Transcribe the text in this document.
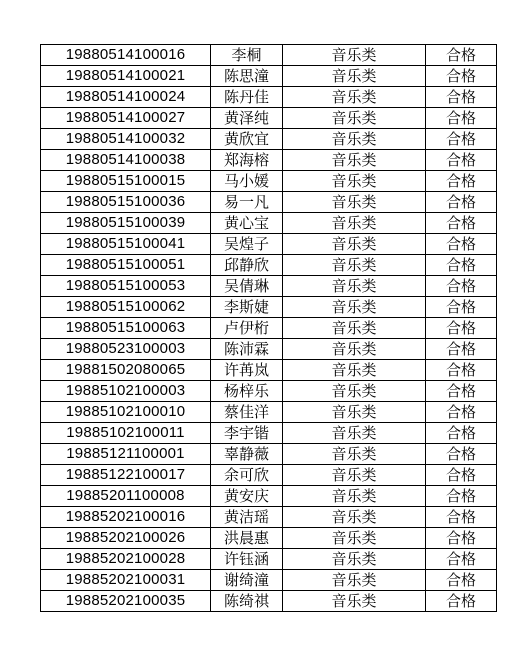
19880514100016	李桐	音乐类	合格
19880514100021	陈思潼	音乐类	合格
19880514100024	陈丹佳	音乐类	合格
19880514100027	黄泽纯	音乐类	合格
19880514100032	黄欣宜	音乐类	合格
19880514100038	郑海榕	音乐类	合格
19880515100015	马小媛	音乐类	合格
19880515100036	易一凡	音乐类	合格
19880515100039	黄心宝	音乐类	合格
19880515100041	吴煌子	音乐类	合格
19880515100051	邱静欣	音乐类	合格
19880515100053	吴倩琳	音乐类	合格
19880515100062	李斯婕	音乐类	合格
19880515100063	卢伊桁	音乐类	合格
19880523100003	陈沛霖	音乐类	合格
19881502080065	许苒岚	音乐类	合格
19885102100003	杨梓乐	音乐类	合格
19885102100010	蔡佳洋	音乐类	合格
19885102100011	李宇锴	音乐类	合格
19885121100001	辜静薇	音乐类	合格
19885122100017	余可欣	音乐类	合格
19885201100008	黄安庆	音乐类	合格
19885202100016	黄洁瑶	音乐类	合格
19885202100026	洪晨惠	音乐类	合格
19885202100028	许钰涵	音乐类	合格
19885202100031	谢绮潼	音乐类	合格
19885202100035	陈绮祺	音乐类	合格
